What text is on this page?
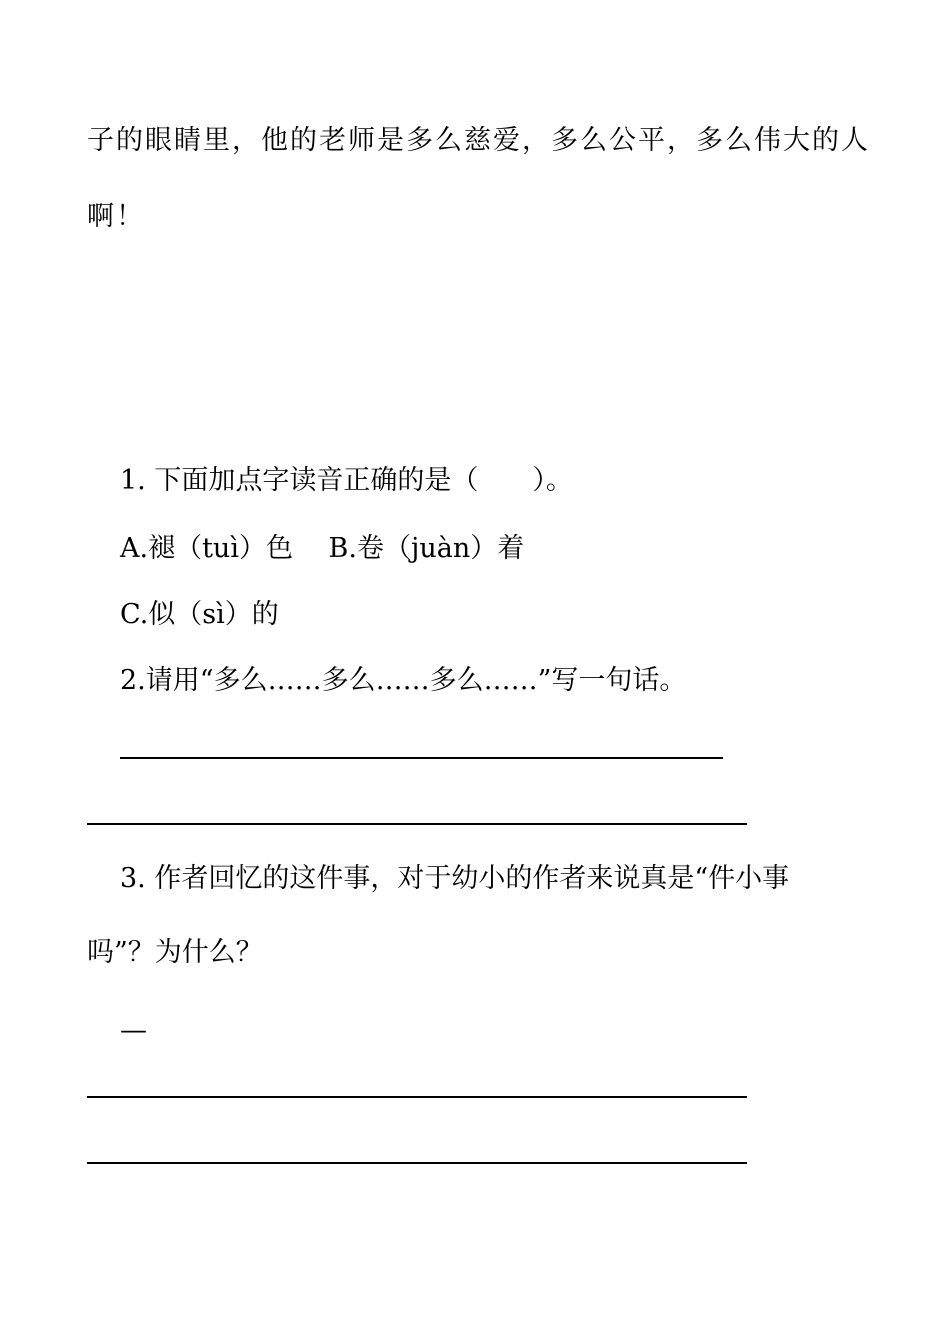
子的眼睛里，他的老师是多么慈爱，多么公平，多么伟大的人
啊！
1. 下面加点字读音正确的是（　　）。
A.褪（tuì）色　 B.卷（juàn）着
C.似（sì）的
2.请用“多么……多么……多么……”写一句话。
3. 作者回忆的这件事，对于幼小的作者来说真是“件小事
吗”？为什么？
—
